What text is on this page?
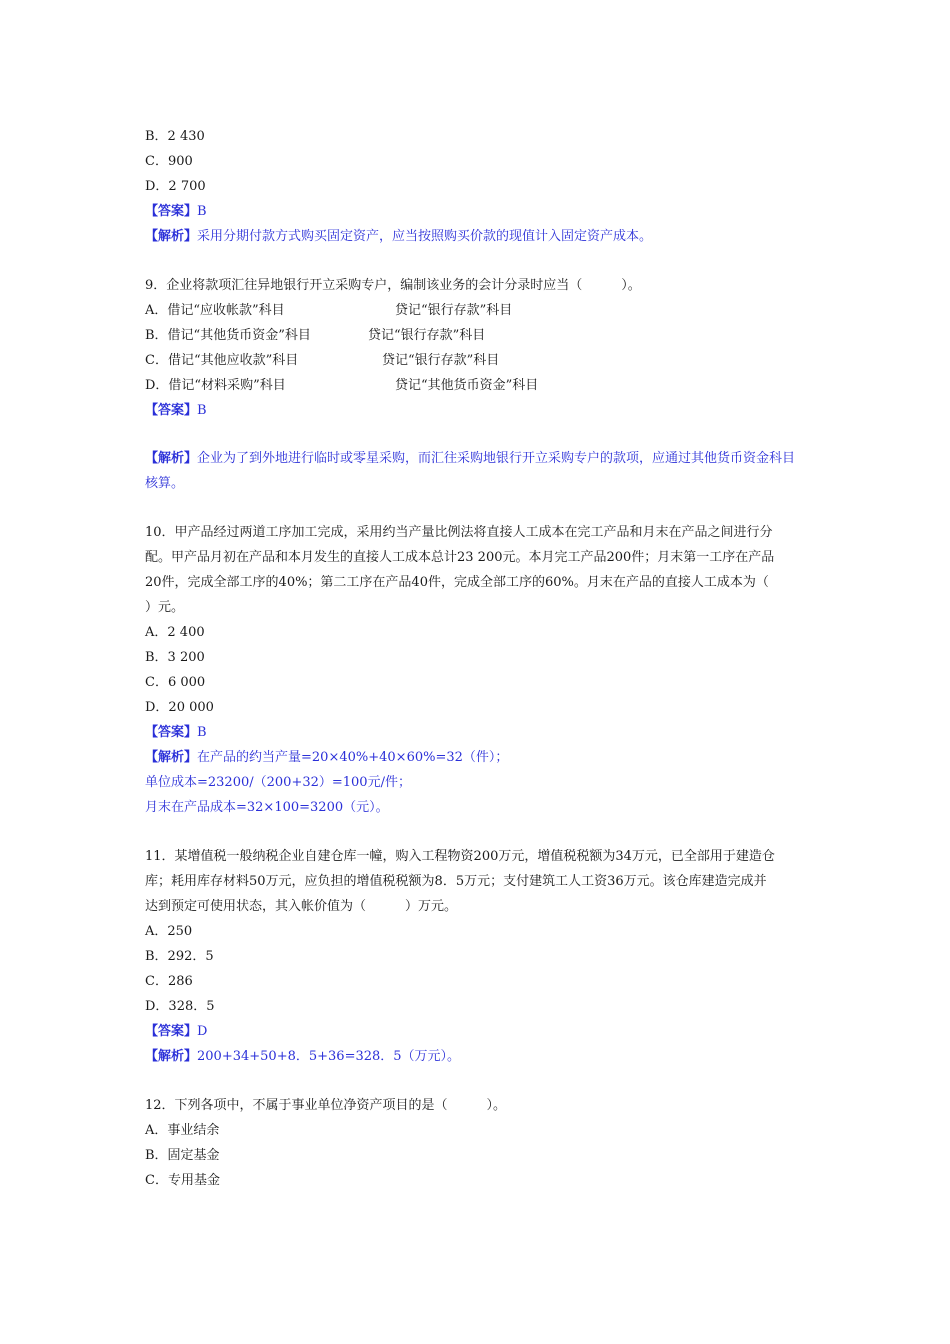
B．2 430
C．900
D．2 700
【答案】B
【解析】采用分期付款方式购买固定资产，应当按照购买价款的现值计入固定资产成本。
9．企业将款项汇往异地银行开立采购专户，编制该业务的会计分录时应当（　　　）。
A．借记“应收帐款”科目	贷记“银行存款”科目
B．借记“其他货币资金”科目	贷记“银行存款”科目
C．借记“其他应收款”科目	贷记“银行存款”科目
D．借记“材料采购”科目	贷记“其他货币资金”科目
【答案】B
【解析】企业为了到外地进行临时或零星采购，而汇往采购地银行开立采购专户的款项，应通过其他货币资金科目核算。
10．甲产品经过两道工序加工完成，采用约当产量比例法将直接人工成本在完工产品和月末在产品之间进行分
配。甲产品月初在产品和本月发生的直接人工成本总计23 200元。本月完工产品200件；月末第一工序在产品
20件，完成全部工序的40%；第二工序在产品40件，完成全部工序的60%。月末在产品的直接人工成本为（
）元。
A．2 400
B．3 200
C．6 000
D．20 000
【答案】B
【解析】在产品的约当产量=20×40%+40×60%=32（件）；
单位成本=23200/（200+32）=100元/件；
月末在产品成本=32×100=3200（元）。
11．某增值税一般纳税企业自建仓库一幢，购入工程物资200万元，增值税税额为34万元，已全部用于建造仓
库；耗用库存材料50万元，应负担的增值税税额为8．5万元；支付建筑工人工资36万元。该仓库建造完成并
达到预定可使用状态，其入帐价值为（　　　）万元。
A．250
B．292．5
C．286
D．328．5
【答案】D
【解析】200+34+50+8．5+36=328．5（万元）。
12．下列各项中，不属于事业单位净资产项目的是（　　　）。
A．事业结余
B．固定基金
C．专用基金
